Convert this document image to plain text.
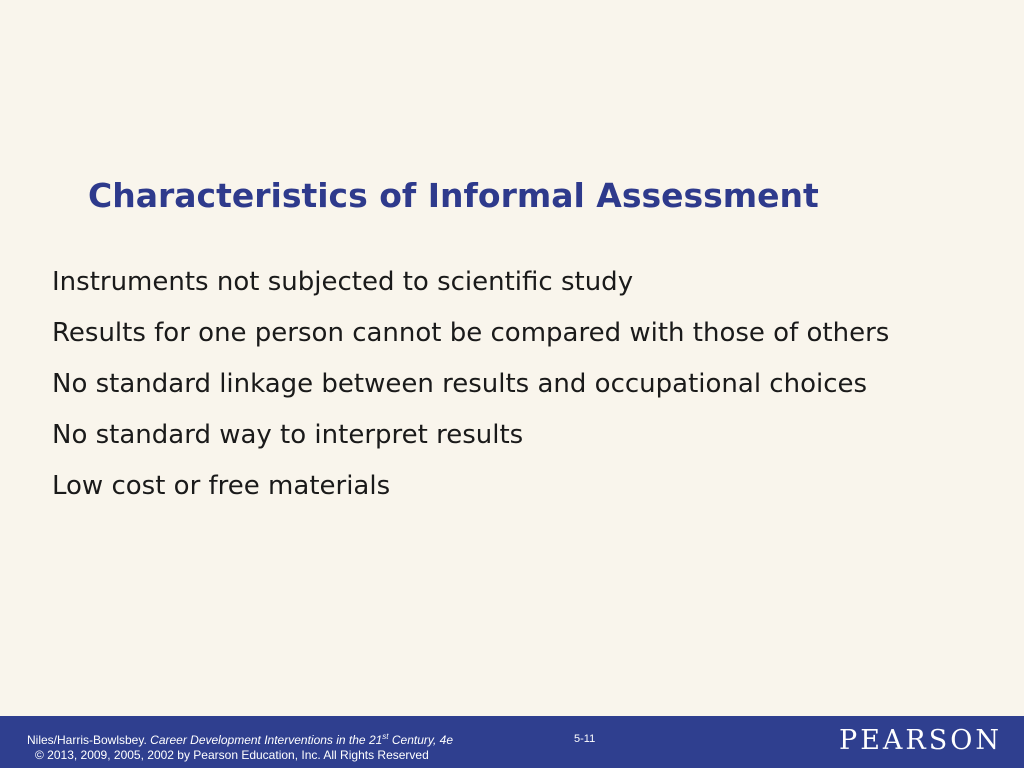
Characteristics of Informal Assessment
Instruments not subjected to scientific study
Results for one person cannot be compared with those of others
No standard linkage between results and occupational choices
No standard way to interpret results
Low cost or free materials
Niles/Harris-Bowlsbey. Career Development Interventions in the 21st Century, 4e
© 2013, 2009, 2005, 2002 by Pearson Education, Inc. All Rights Reserved
5-11	PEARSON
